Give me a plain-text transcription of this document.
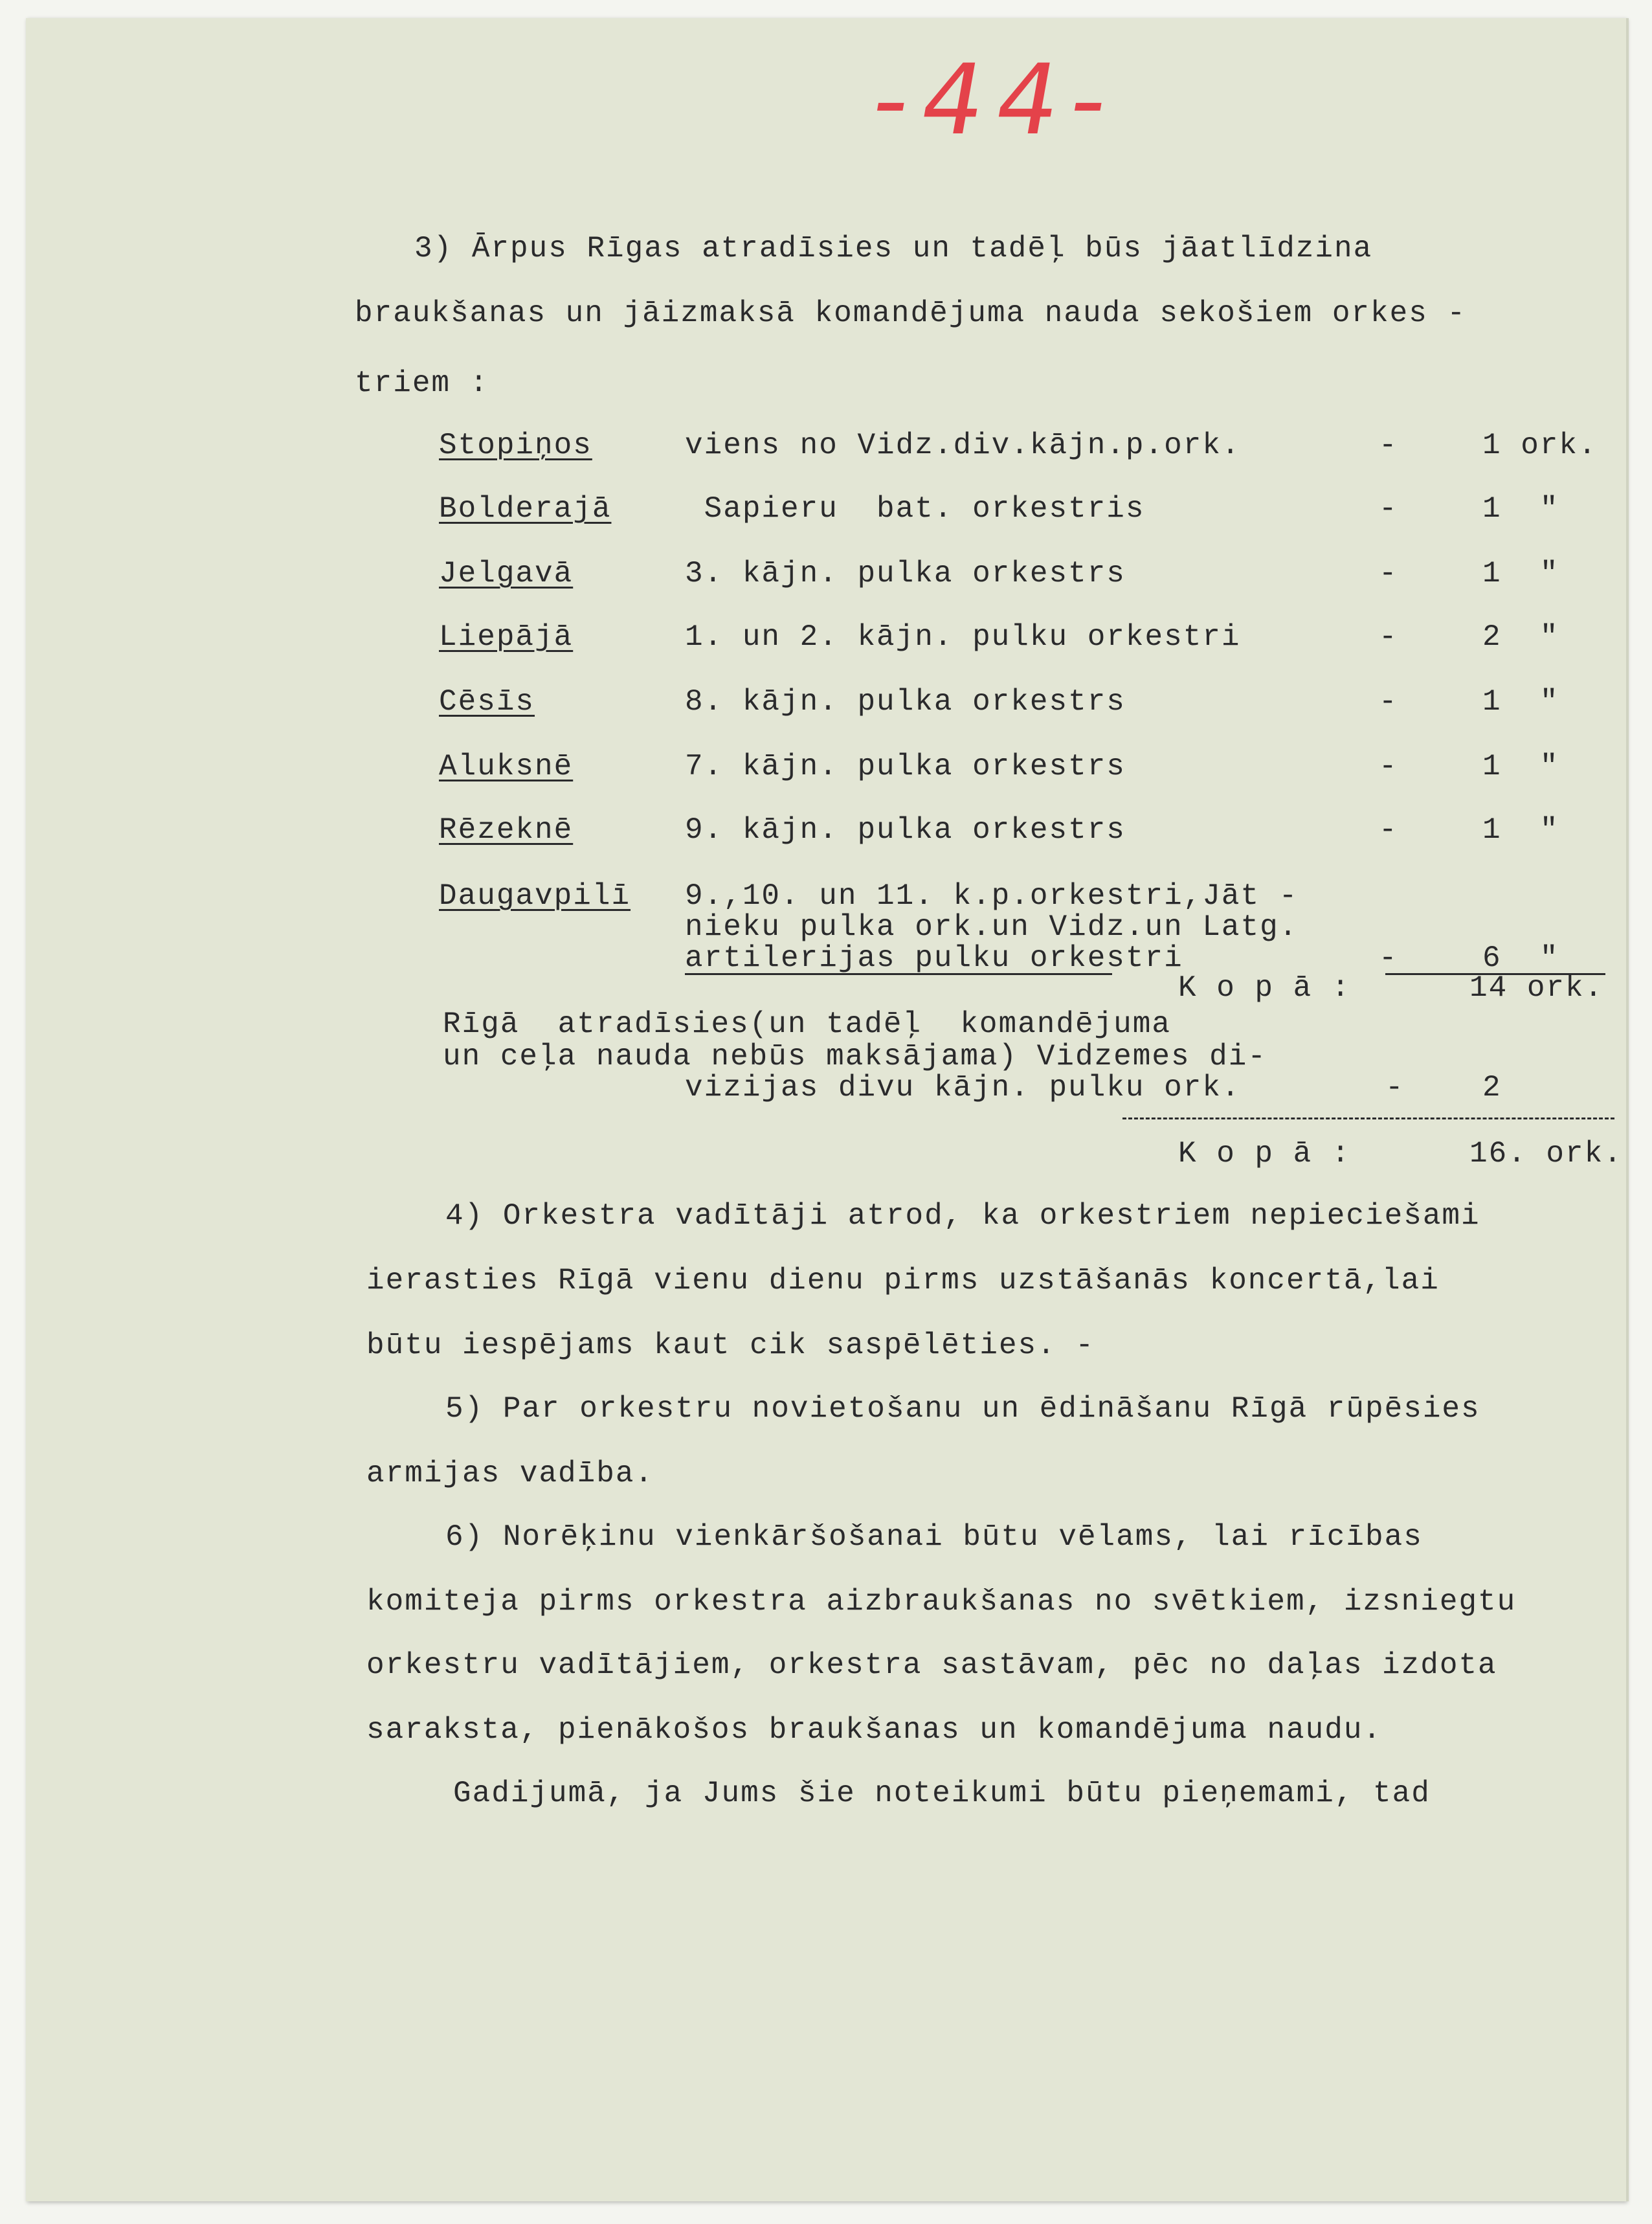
-44-
3) Ārpus Rīgas atradīsies un tadēļ būs jāatlīdzina
braukšanas un jāizmaksā komandējuma nauda sekošiem orkes -
triem :
Stopiņos	viens no Vidz.div.kājn.p.ork.	-	1 ork.
Bolderajā Sapieru  bat. orkestris	-	1  "
Jelgavā	3. kājn. pulka orkestrs	-	1  "
Liepājā	1. un 2. kājn. pulku orkestri	-	2  "
Cēsīs	8. kājn. pulka orkestrs	-	1  "
Aluksnē	7. kājn. pulka orkestrs	-	1  "
Rēzeknē	9. kājn. pulka orkestrs	-	1  "
Daugavpilī 9.,10. un 11. k.p.orkestri,Jāt -
nieku pulka ork.un Vidz.un Latg.
artilerijas pulku orkestri	-	6  "
K o p ā :	14 ork.
Rīgā  atradīsies(un tadēļ  komandējuma
un ceļa nauda nebūs maksājama) Vidzemes di-
vizijas divu kājn. pulku ork.	-	2
K o p ā :	16. ork.
4) Orkestra vadītāji atrod, ka orkestriem nepieciešami
ierasties Rīgā vienu dienu pirms uzstāšanās koncertā,lai
būtu iespējams kaut cik saspēlēties. -
5) Par orkestru novietošanu un ēdināšanu Rīgā rūpēsies
armijas vadība.
6) Norēķinu vienkāršošanai būtu vēlams, lai rīcības
komiteja pirms orkestra aizbraukšanas no svētkiem, izsniegtu
orkestru vadītājiem, orkestra sastāvam, pēc no daļas izdota
saraksta, pienākošos braukšanas un komandējuma naudu.
Gadijumā, ja Jums šie noteikumi būtu pieņemami, tad
